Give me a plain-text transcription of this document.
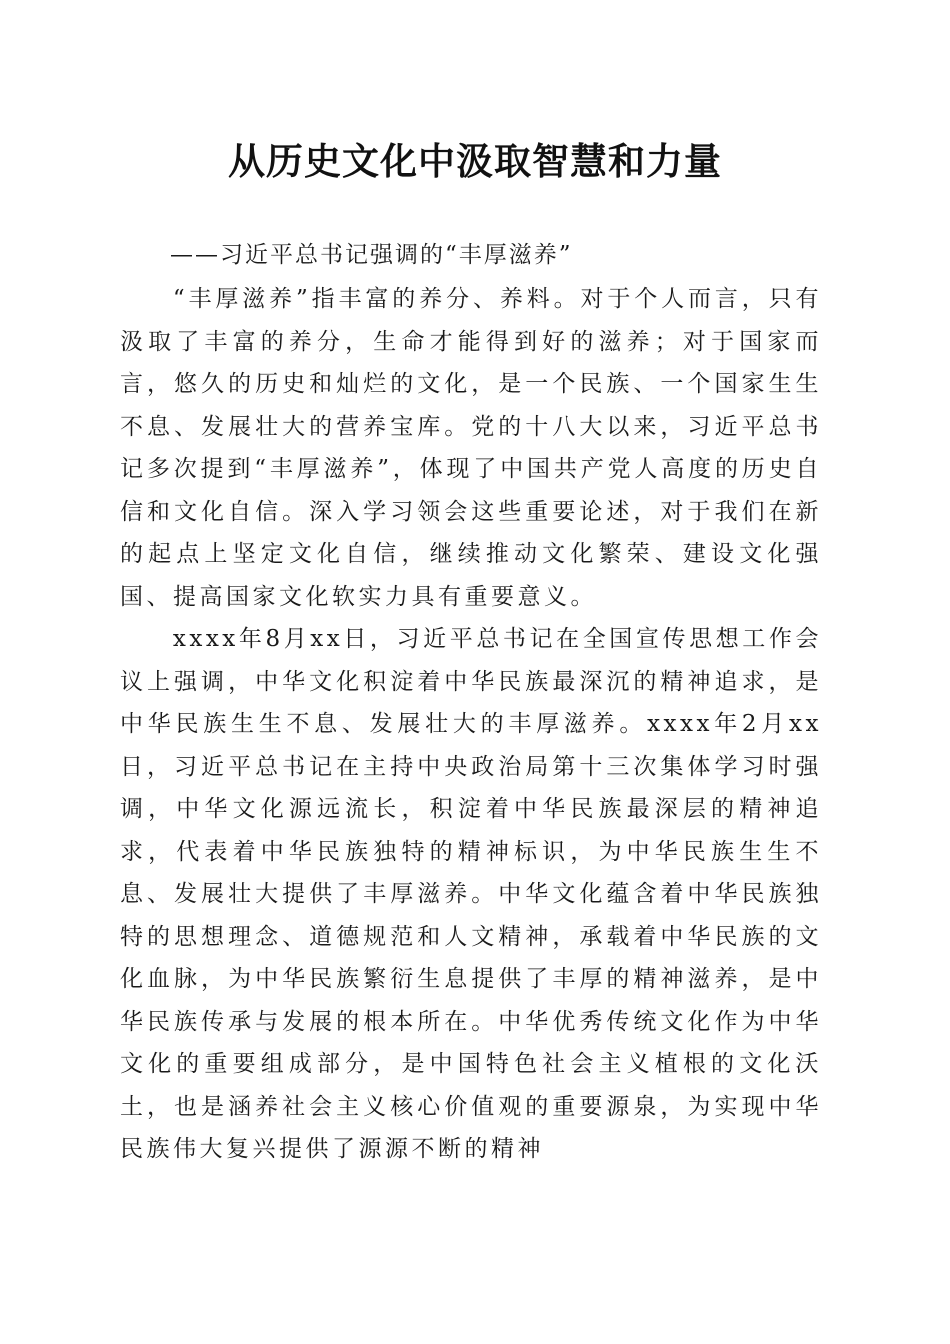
从历史文化中汲取智慧和力量
——习近平总书记强调的“丰厚滋养”

“丰厚滋养”指丰富的养分、养料。对于个人而言，只有汲取了丰富的养分，生命才能得到好的滋养；对于国家而言，悠久的历史和灿烂的文化，是一个民族、一个国家生生不息、发展壮大的营养宝库。党的十八大以来，习近平总书记多次提到“丰厚滋养”，体现了中国共产党人高度的历史自信和文化自信。深入学习领会这些重要论述，对于我们在新的起点上坚定文化自信，继续推动文化繁荣、建设文化强国、提高国家文化软实力具有重要意义。

xxxx年8月xx日，习近平总书记在全国宣传思想工作会议上强调，中华文化积淀着中华民族最深沉的精神追求，是中华民族生生不息、发展壮大的丰厚滋养。xxxx年2月xx日，习近平总书记在主持中央政治局第十三次集体学习时强调，中华文化源远流长，积淀着中华民族最深层的精神追求，代表着中华民族独特的精神标识，为中华民族生生不息、发展壮大提供了丰厚滋养。中华文化蕴含着中华民族独特的思想理念、道德规范和人文精神，承载着中华民族的文化血脉，为中华民族繁衍生息提供了丰厚的精神滋养，是中华民族传承与发展的根本所在。中华优秀传统文化作为中华文化的重要组成部分，是中国特色社会主义植根的文化沃土，也是涵养社会主义核心价值观的重要源泉，为实现中华民族伟大复兴提供了源源不断的精神
